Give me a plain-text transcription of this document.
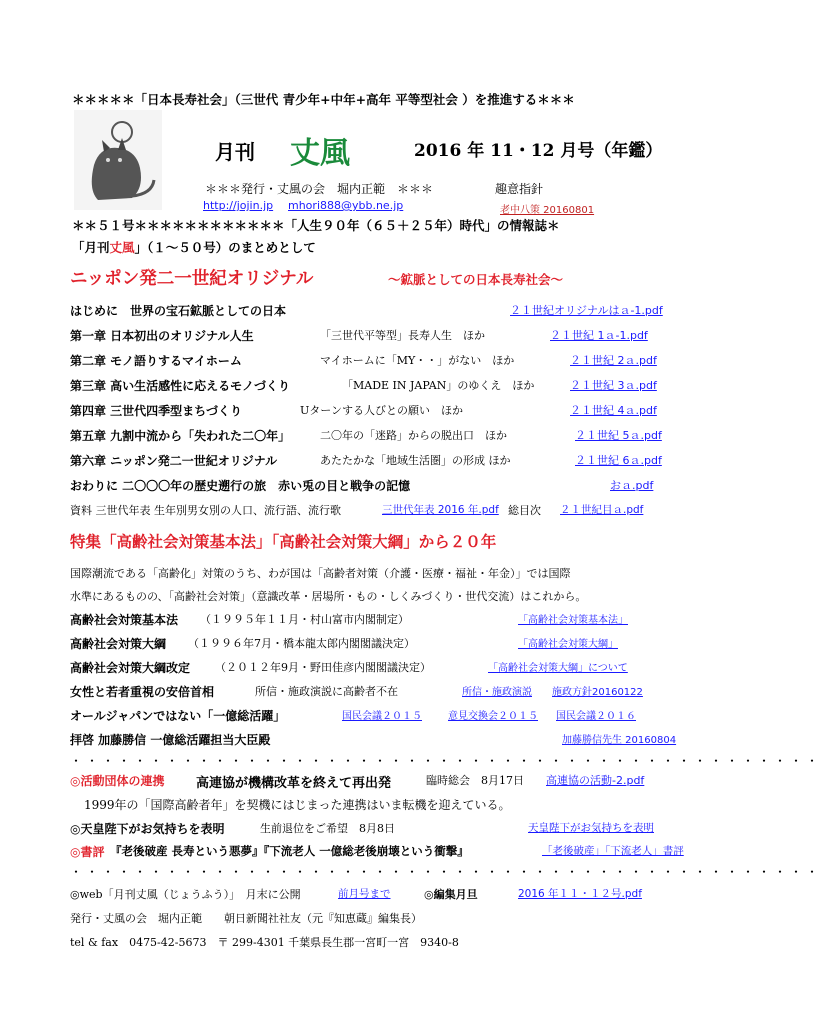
＊＊＊＊＊「日本長寿社会」（三世代 青少年+中年+高年 平等型社会 ）を推進する＊＊＊
月刊 丈風	2016 年 11・12 月号（年鑑）
＊＊＊発行・丈風の会　堀内正範　＊＊＊	趣意指針
http://jojin.jp mhori888@ybb.ne.jp	老中八策 20160801
＊＊５１号＊＊＊＊＊＊＊＊＊＊＊＊「人生９０年（６５＋２５年）時代」の情報誌＊
「月刊丈風」（１～５０号）のまとめとして
ニッポン発二一世紀オリジナル	～鉱脈としての日本長寿社会～
はじめに　世界の宝石鉱脈としての日本	２１世紀オリジナルはａ-1.pdf
第一章 日本初出のオリジナル人生	「三世代平等型」長寿人生　ほか	２１世紀 1ａ-1.pdf
第二章 モノ語りするマイホーム	マイホームに「MY・・」がない　ほか	２１世紀 2ａ.pdf
第三章 高い生活感性に応えるモノづくり	「MADE IN JAPAN」のゆくえ　ほか	２１世紀 3ａ.pdf
第四章 三世代四季型まちづくり	Uターンする人びとの願い　ほか	２１世紀 4ａ.pdf
第五章 九割中流から「失われた二〇年」	二〇年の「迷路」からの脱出口　ほか	２１世紀 5ａ.pdf
第六章 ニッポン発二一世紀オリジナル	あたたかな「地域生活圏」の形成 ほか	２１世紀 6ａ.pdf
おわりに 二〇〇〇年の歴史遡行の旅　赤い兎の目と戦争の記憶	おａ.pdf
資料 三世代年表 生年別男女別の人口、流行語、流行歌	三世代年表 2016 年.pdf 総目次 ２１世紀目ａ.pdf
特集「高齢社会対策基本法」「高齢社会対策大綱」から２０年
国際潮流である「高齢化」対策のうち、わが国は「高齢者対策（介護・医療・福祉・年金）」では国際
水準にあるものの、「高齢社会対策」（意識改革・居場所・もの・しくみづくり・世代交流）はこれから。
高齢社会対策基本法 （１９９５年１１月・村山富市内閣制定）	「高齢社会対策基本法」
高齢社会対策大綱 （１９９６年7月・橋本龍太郎内閣閣議決定）	「高齢社会対策大綱」
高齢社会対策大綱改定 （２０１２年9月・野田佳彦内閣閣議決定）	「高齢社会対策大綱」について
女性と若者重視の安倍首相	所信・施政演説に高齢者不在	所信・施政演説 施政方針20160122
オールジャパンではない「一億総活躍」	国民会議２０１５	意見交換会２０１５ 国民会議２０１６
拝啓 加藤勝信 一億総活躍担当大臣殿	加藤勝信先生 20160804
・・・・・・・・・・・・・・・・・・・・・・・・・・・・・・・・・・・・・・・・・・・・・・・
◎活動団体の連携 高連協が機構改革を終えて再出発	臨時総会　8月17日 高連協の活動-2.pdf
1999年の「国際高齢者年」を契機にはじまった連携はいま転機を迎えている。
◎天皇陛下がお気持ちを表明	生前退位をご希望　8月8日	天皇陛下がお気持ちを表明
◎書評 『老後破産 長寿という悪夢』『下流老人 一億総老後崩壊という衝撃』	「老後破産」「下流老人」書評
・・・・・・・・・・・・・・・・・・・・・・・・・・・・・・・・・・・・・・・・・・・・・・・
◎web「月刊丈風（じょうふう）」　月末に公開	前月号まで	◎編集月旦	2016 年１１・１２号.pdf
発行・丈風の会　堀内正範　　朝日新聞社社友（元『知恵蔵』編集長）
tel & fax　0475-42-5673　〒 299-4301 千葉県長生郡一宮町一宮　9340-8
